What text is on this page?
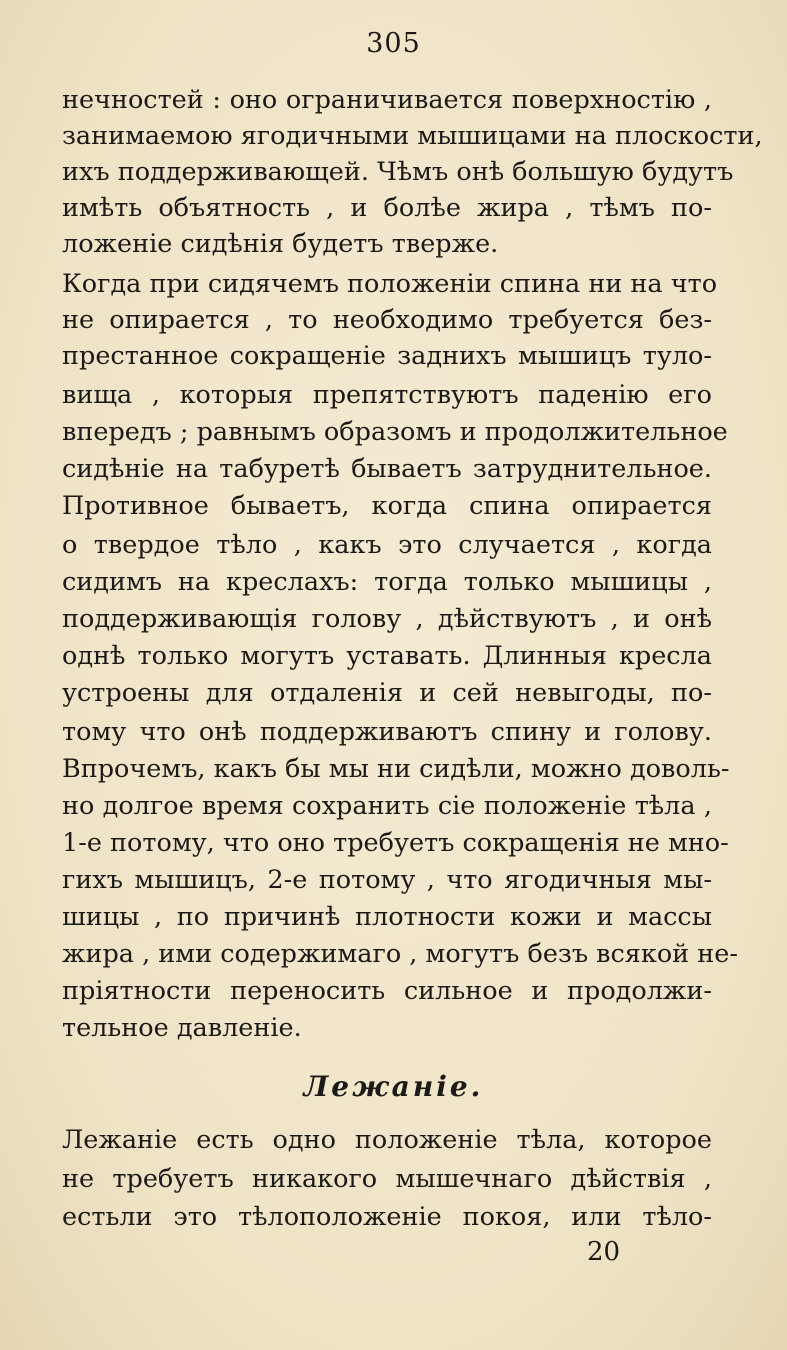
305
нечностей : оно ограничивается поверхностію ,
занимаемою ягодичными мышицами на плоскости,
ихъ поддерживающей. Чѣмъ онѣ большую будутъ
имѣть объятность , и болѣе жира , тѣмъ по-
ложеніе сидѣнія будетъ тверже.
Когда при сидячемъ положеніи спина ни на что
не опирается , то необходимо требуется без-
престанное сокращеніе заднихъ мышицъ туло-
вища , которыя препятствуютъ паденію его
впередъ ; равнымъ образомъ и продолжительное
сидѣніе на табуретѣ бываетъ затруднительное.
Противное бываетъ, когда спина опирается
о твердое тѣло , какъ это случается , когда
сидимъ на креслахъ: тогда только мышицы ,
поддерживающія голову , дѣйствуютъ , и онѣ
однѣ только могутъ уставать. Длинныя кресла
устроены для отдаленія и сей невыгоды, по-
тому что онѣ поддерживаютъ спину и голову.
Впрочемъ, какъ бы мы ни сидѣли, можно доволь-
но долгое время сохранить сіе положеніе тѣла ,
1-е потому, что оно требуетъ сокращенія не мно-
гихъ мышицъ, 2-е потому , что ягодичныя мы-
шицы , по причинѣ плотности кожи и массы
жира , ими содержимаго , могутъ безъ всякой не-
пріятности переносить сильное и продолжи-
тельное давленіе.
Лежаніе.
Лежаніе есть одно положеніе тѣла, которое
не требуетъ никакого мышечнаго дѣйствія ,
естьли это тѣлоположеніе покоя, или тѣло-
20
